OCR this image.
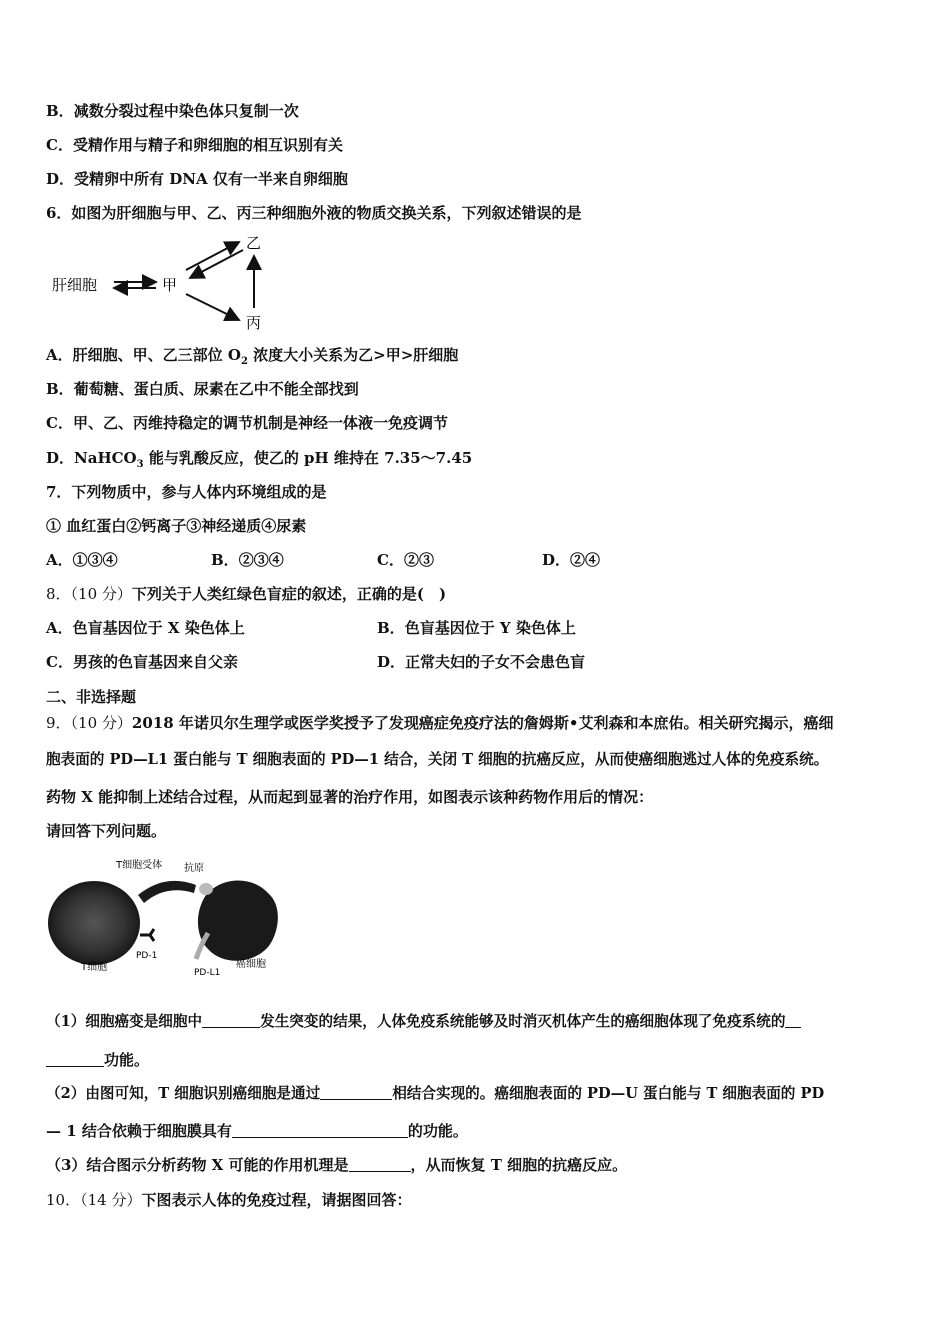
B．减数分裂过程中染色体只复制一次
C．受精作用与精子和卵细胞的相互识别有关
D．受精卵中所有 DNA 仅有一半来自卵细胞
6．如图为肝细胞与甲、乙、丙三种细胞外液的物质交换关系，下列叙述错误的是
肝细胞	甲
乙
丙
A．肝细胞、甲、乙三部位 $O_2$ 浓度大小关系为乙>甲>肝细胞
B．葡萄糖、蛋白质、尿素在乙中不能全部找到
C．甲、乙、丙维持稳定的调节机制是神经一体液一免疫调节
D．NaHCO$_3$ 能与乳酸反应，使乙的 pH 维持在 7.35～7.45
7．下列物质中，参与人体内环境组成的是
① 血红蛋白②钙离子③神经递质④尿素
A．①③④	B．②③④	C．②③	D．②④
8．（10 分）下列关于人类红绿色盲症的叙述，正确的是(　)
A．色盲基因位于 X 染色体上	B．色盲基因位于 Y 染色体上
C．男孩的色盲基因来自父亲	D．正常夫妇的子女不会患色盲
二、非选择题
9．（10 分）2018 年诺贝尔生理学或医学奖授予了发现癌症免疫疗法的詹姆斯•艾利森和本庶佑。相关研究揭示，癌细
胞表面的 PD—L1 蛋白能与 T 细胞表面的 PD—1 结合，关闭 T 细胞的抗癌反应，从而使癌细胞逃过人体的免疫系统。
药物 X 能抑制上述结合过程，从而起到显著的治疗作用，如图表示该种药物作用后的情况：
请回答下列问题。
T细胞受体 抗原
PD-1
T细胞	PD-L1
癌细胞
（1）细胞癌变是细胞中	发生突变的结果，人体免疫系统能够及时消灭机体产生的癌细胞体现了免疫系统的
功能。
（2）由图可知，T 细胞识别癌细胞是通过	相结合实现的。癌细胞表面的 PD—U 蛋白能与 T 细胞表面的 PD
— 1 结合依赖于细胞膜具有	的功能。
（3）结合图示分析药物 X 可能的作用机理是	，从而恢复 T 细胞的抗癌反应。
10．（14 分）下图表示人体的免疫过程，请据图回答：
